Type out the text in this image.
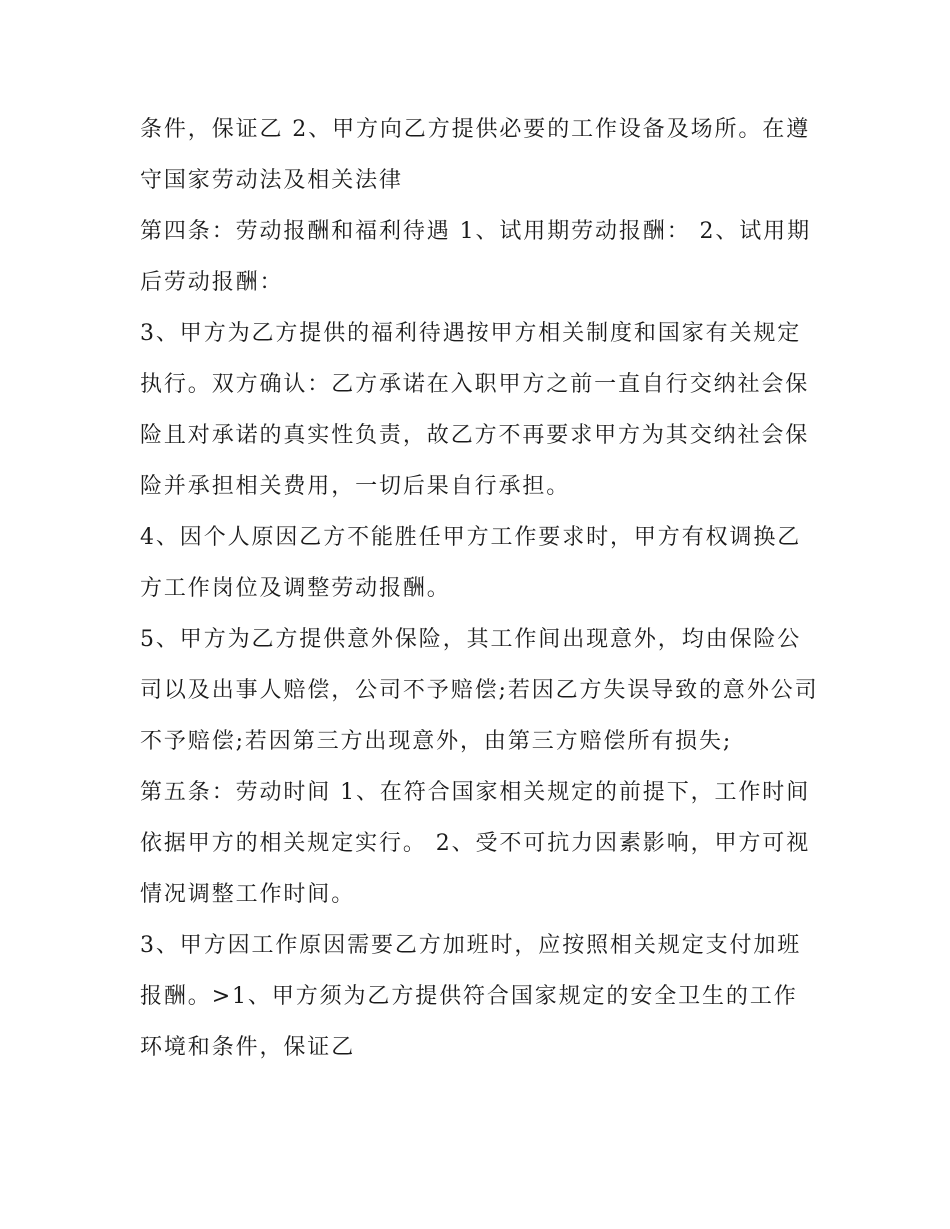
条件，保证乙 2、甲方向乙方提供必要的工作设备及场所。在遵守国家劳动法及相关法律

第四条：劳动报酬和福利待遇 1、试用期劳动报酬： 2、试用期后劳动报酬：

3、甲方为乙方提供的福利待遇按甲方相关制度和国家有关规定执行。双方确认：乙方承诺在入职甲方之前一直自行交纳社会保险且对承诺的真实性负责，故乙方不再要求甲方为其交纳社会保险并承担相关费用，一切后果自行承担。

4、因个人原因乙方不能胜任甲方工作要求时，甲方有权调换乙方工作岗位及调整劳动报酬。

5、甲方为乙方提供意外保险，其工作间出现意外，均由保险公司以及出事人赔偿，公司不予赔偿;若因乙方失误导致的意外公司不予赔偿;若因第三方出现意外，由第三方赔偿所有损失;

第五条：劳动时间 1、在符合国家相关规定的前提下，工作时间依据甲方的相关规定实行。 2、受不可抗力因素影响，甲方可视情况调整工作时间。

3、甲方因工作原因需要乙方加班时，应按照相关规定支付加班报酬。>1、甲方须为乙方提供符合国家规定的安全卫生的工作环境和条件，保证乙
